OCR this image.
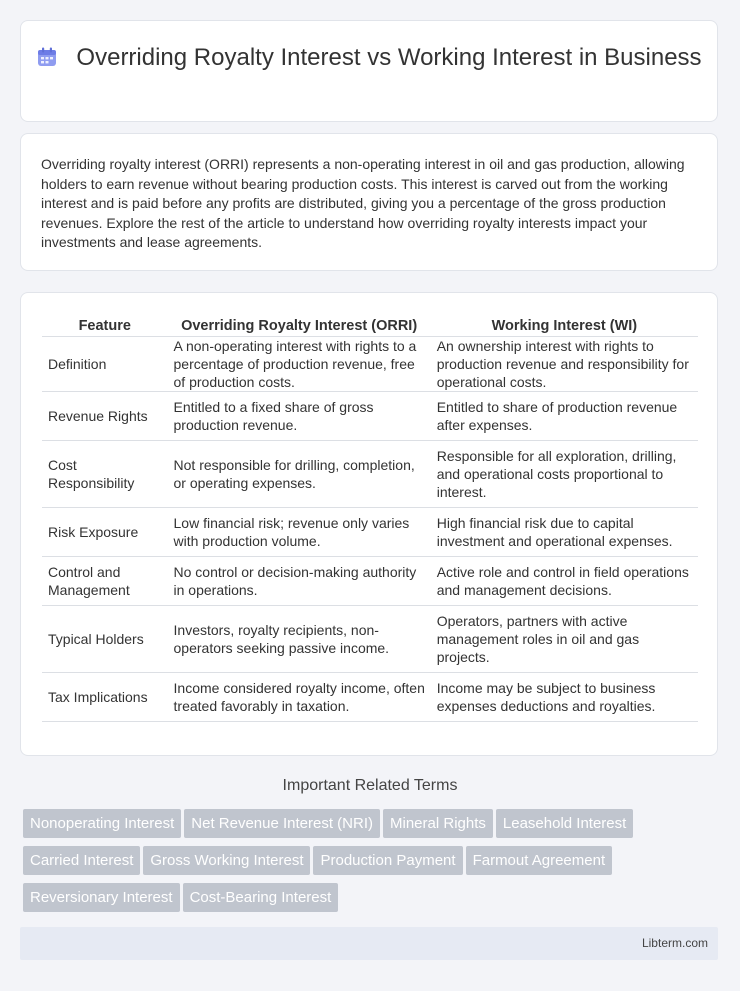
Overriding Royalty Interest vs Working Interest in Business

Overriding royalty interest (ORRI) represents a non-operating interest in oil and gas production, allowing holders to earn revenue without bearing production costs. This interest is carved out from the working interest and is paid before any profits are distributed, giving you a percentage of the gross production revenues. Explore the rest of the article to understand how overriding royalty interests impact your investments and lease agreements.

Feature	Overriding Royalty Interest (ORRI)	Working Interest (WI)
Definition	A non-operating interest with rights to a percentage of production revenue, free of production costs.	An ownership interest with rights to production revenue and responsibility for operational costs.
Revenue Rights	Entitled to a fixed share of gross production revenue.	Entitled to share of production revenue after expenses.
Cost Responsibility	Not responsible for drilling, completion, or operating expenses.	Responsible for all exploration, drilling, and operational costs proportional to interest.
Risk Exposure	Low financial risk; revenue only varies with production volume.	High financial risk due to capital investment and operational expenses.
Control and Management	No control or decision-making authority in operations.	Active role and control in field operations and management decisions.
Typical Holders	Investors, royalty recipients, non-operators seeking passive income.	Operators, partners with active management roles in oil and gas projects.
Tax Implications	Income considered royalty income, often treated favorably in taxation.	Income may be subject to business expenses deductions and royalties.
Important Related Terms
Nonoperating Interest	Net Revenue Interest (NRI)	Mineral Rights	Leasehold Interest
Carried Interest	Gross Working Interest	Production Payment	Farmout Agreement
Reversionary Interest	Cost-Bearing Interest
Libterm.com
